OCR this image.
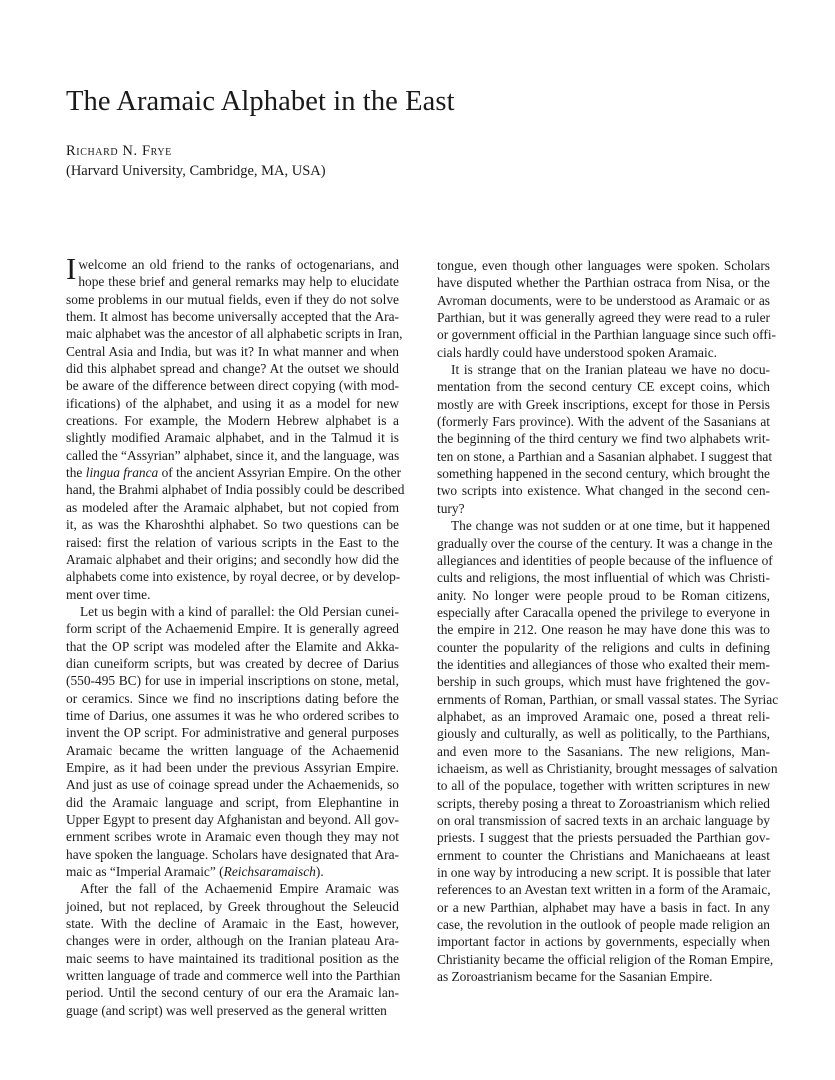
The Aramaic Alphabet in the East
Richard N. Frye
(Harvard University, Cambridge, MA, USA)
I welcome an old friend to the ranks of octogenarians, and
hope these brief and general remarks may help to elucidate
some problems in our mutual fields, even if they do not solve
them. It almost has become universally accepted that the Ara-
maic alphabet was the ancestor of all alphabetic scripts in Iran,
Central Asia and India, but was it? In what manner and when
did this alphabet spread and change? At the outset we should
be aware of the difference between direct copying (with mod-
ifications) of the alphabet, and using it as a model for new
creations. For example, the Modern Hebrew alphabet is a
slightly modified Aramaic alphabet, and in the Talmud it is
called the “Assyrian” alphabet, since it, and the language, was
the lingua franca of the ancient Assyrian Empire. On the other
hand, the Brahmi alphabet of India possibly could be described
as modeled after the Aramaic alphabet, but not copied from
it, as was the Kharoshthi alphabet. So two questions can be
raised: first the relation of various scripts in the East to the
Aramaic alphabet and their origins; and secondly how did the
alphabets come into existence, by royal decree, or by develop-
ment over time.
Let us begin with a kind of parallel: the Old Persian cunei-
form script of the Achaemenid Empire. It is generally agreed
that the OP script was modeled after the Elamite and Akka-
dian cuneiform scripts, but was created by decree of Darius
(550-495 BC) for use in imperial inscriptions on stone, metal,
or ceramics. Since we find no inscriptions dating before the
time of Darius, one assumes it was he who ordered scribes to
invent the OP script. For administrative and general purposes
Aramaic became the written language of the Achaemenid
Empire, as it had been under the previous Assyrian Empire.
And just as use of coinage spread under the Achaemenids, so
did the Aramaic language and script, from Elephantine in
Upper Egypt to present day Afghanistan and beyond. All gov-
ernment scribes wrote in Aramaic even though they may not
have spoken the language. Scholars have designated that Ara-
maic as “Imperial Aramaic” (Reichsaramaisch).
After the fall of the Achaemenid Empire Aramaic was
joined, but not replaced, by Greek throughout the Seleucid
state. With the decline of Aramaic in the East, however,
changes were in order, although on the Iranian plateau Ara-
maic seems to have maintained its traditional position as the
written language of trade and commerce well into the Parthian
period. Until the second century of our era the Aramaic lan-
guage (and script) was well preserved as the general written
tongue, even though other languages were spoken. Scholars
have disputed whether the Parthian ostraca from Nisa, or the
Avroman documents, were to be understood as Aramaic or as
Parthian, but it was generally agreed they were read to a ruler
or government official in the Parthian language since such offi-
cials hardly could have understood spoken Aramaic.
It is strange that on the Iranian plateau we have no docu-
mentation from the second century CE except coins, which
mostly are with Greek inscriptions, except for those in Persis
(formerly Fars province). With the advent of the Sasanians at
the beginning of the third century we find two alphabets writ-
ten on stone, a Parthian and a Sasanian alphabet. I suggest that
something happened in the second century, which brought the
two scripts into existence. What changed in the second cen-
tury?
The change was not sudden or at one time, but it happened
gradually over the course of the century. It was a change in the
allegiances and identities of people because of the influence of
cults and religions, the most influential of which was Christi-
anity. No longer were people proud to be Roman citizens,
especially after Caracalla opened the privilege to everyone in
the empire in 212. One reason he may have done this was to
counter the popularity of the religions and cults in defining
the identities and allegiances of those who exalted their mem-
bership in such groups, which must have frightened the gov-
ernments of Roman, Parthian, or small vassal states. The Syriac
alphabet, as an improved Aramaic one, posed a threat reli-
giously and culturally, as well as politically, to the Parthians,
and even more to the Sasanians. The new religions, Man-
ichaeism, as well as Christianity, brought messages of salvation
to all of the populace, together with written scriptures in new
scripts, thereby posing a threat to Zoroastrianism which relied
on oral transmission of sacred texts in an archaic language by
priests. I suggest that the priests persuaded the Parthian gov-
ernment to counter the Christians and Manichaeans at least
in one way by introducing a new script. It is possible that later
references to an Avestan text written in a form of the Aramaic,
or a new Parthian, alphabet may have a basis in fact. In any
case, the revolution in the outlook of people made religion an
important factor in actions by governments, especially when
Christianity became the official religion of the Roman Empire,
as Zoroastrianism became for the Sasanian Empire.
